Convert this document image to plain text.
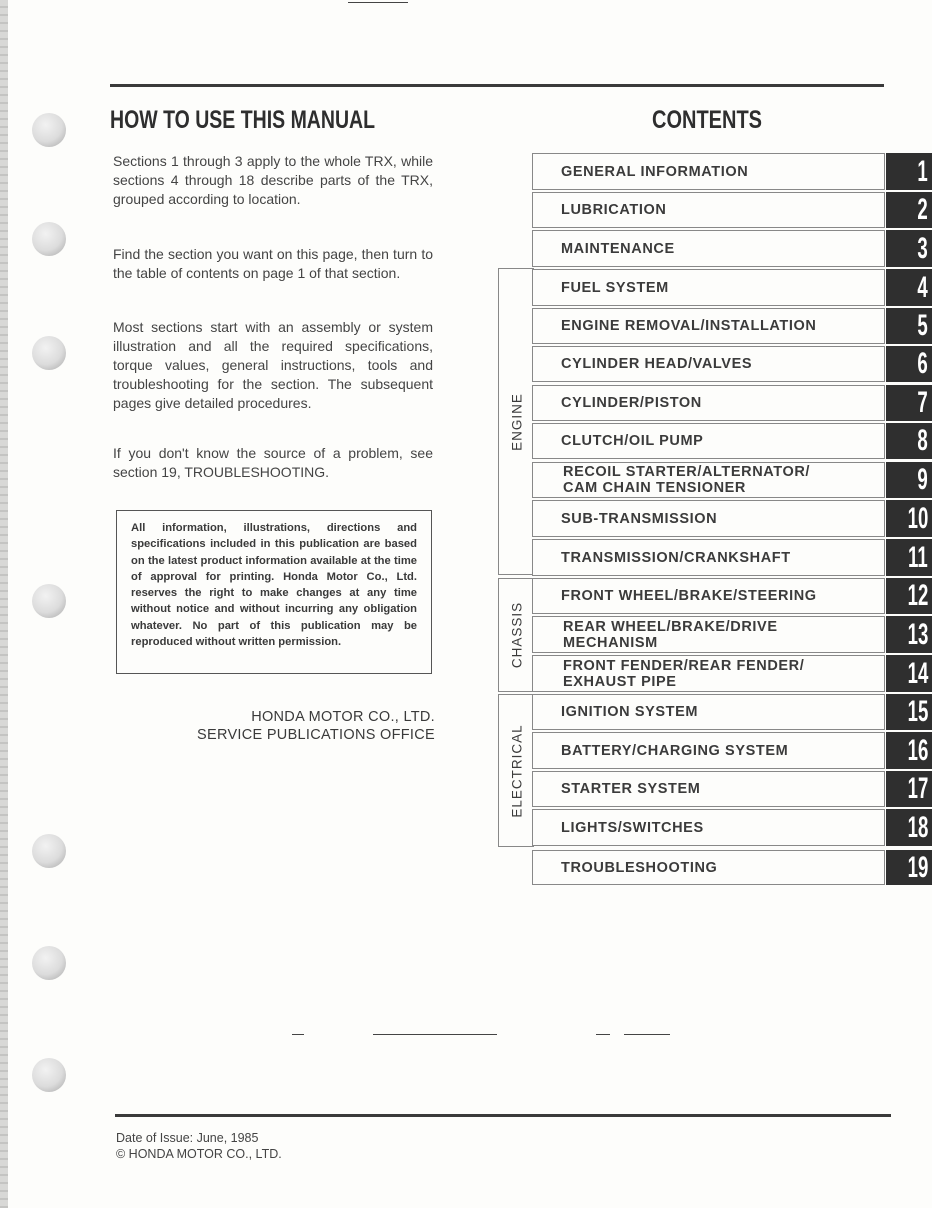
HOW TO USE THIS MANUAL

Sections 1 through 3 apply to the whole TRX, while sections 4 through 18 describe parts of the TRX, grouped according to location.

Find the section you want on this page, then turn to the table of contents on page 1 of that section.

Most sections start with an assembly or system illustration and all the required specifications, torque values, general instructions, tools and troubleshooting for the section. The subsequent pages give detailed procedures.

If you don't know the source of a problem, see section 19, TROUBLESHOOTING.

All information, illustrations, directions and specifications included in this publication are based on the latest product information available at the time of approval for printing. Honda Motor Co., Ltd. reserves the right to make changes at any time without notice and without incurring any obligation whatever. No part of this publication may be reproduced without written permission.
HONDA MOTOR CO., LTD.
SERVICE PUBLICATIONS OFFICE
CONTENTS
ENGINE
CHASSIS
ELECTRICAL
GENERAL INFORMATION	1
LUBRICATION	2
MAINTENANCE	3
FUEL SYSTEM	4
ENGINE REMOVAL/INSTALLATION	5
CYLINDER HEAD/VALVES	6
CYLINDER/PISTON	7
CLUTCH/OIL PUMP	8
RECOIL STARTER/ALTERNATOR/
CAM CHAIN TENSIONER	9
SUB-TRANSMISSION	10
TRANSMISSION/CRANKSHAFT	11
FRONT WHEEL/BRAKE/STEERING	12
REAR WHEEL/BRAKE/DRIVE
MECHANISM	13
FRONT FENDER/REAR FENDER/
EXHAUST PIPE	14
IGNITION SYSTEM	15
BATTERY/CHARGING SYSTEM	16
STARTER SYSTEM	17
LIGHTS/SWITCHES	18
TROUBLESHOOTING	19
Date of Issue: June, 1985
© HONDA MOTOR CO., LTD.
